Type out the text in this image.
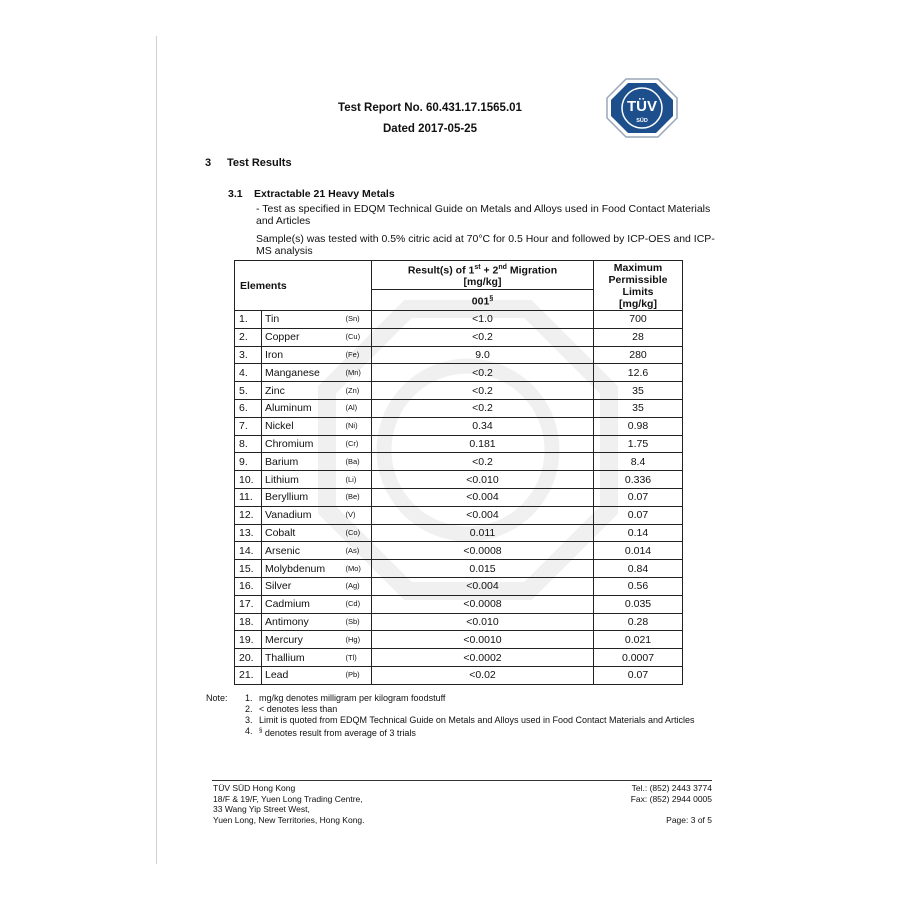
Test Report No. 60.431.17.1565.01
Dated 2017-05-25
TÜV
SÜD
3 Test Results
3.1 Extractable 21 Heavy Metals
- Test as specified in EDQM Technical Guide on Metals and Alloys used in Food Contact Materials and Articles
Sample(s) was tested with 0.5% citric acid at 70°C for 0.5 Hour and followed by ICP-OES and ICP-MS analysis
Elements			Result(s) of 1st + 2nd Migration
[mg/kg]	Maximum
Permissible
Limits
[mg/kg]
			001§
1.	Tin	(Sn)	<1.0	700
2.	Copper	(Cu)	<0.2	28
3.	Iron	(Fe)	9.0	280
4.	Manganese	(Mn)	<0.2	12.6
5.	Zinc	(Zn)	<0.2	35
6.	Aluminum	(Al)	<0.2	35
7.	Nickel	(Ni)	0.34	0.98
8.	Chromium	(Cr)	0.181	1.75
9.	Barium	(Ba)	<0.2	8.4
10.	Lithium	(Li)	<0.010	0.336
11.	Beryllium	(Be)	<0.004	0.07
12.	Vanadium	(V)	<0.004	0.07
13.	Cobalt	(Co)	0.011	0.14
14.	Arsenic	(As)	<0.0008	0.014
15.	Molybdenum	(Mo)	0.015	0.84
16.	Silver	(Ag)	<0.004	0.56
17.	Cadmium	(Cd)	<0.0008	0.035
18.	Antimony	(Sb)	<0.010	0.28
19.	Mercury	(Hg)	<0.0010	0.021
20.	Thallium	(Tl)	<0.0002	0.0007
21.	Lead	(Pb)	<0.02	0.07
Note: 1. mg/kg denotes milligram per kilogram foodstuff
2. < denotes less than
3. Limit is quoted from EDQM Technical Guide on Metals and Alloys used in Food Contact Materials and Articles
4. § denotes result from average of 3 trials
TÜV SÜD Hong Kong
18/F & 19/F, Yuen Long Trading Centre,
33 Wang Yip Street West,
Yuen Long, New Territories, Hong Kong.
Tel.: (852) 2443 3774
Fax: (852) 2944 0005
Page: 3 of 5
